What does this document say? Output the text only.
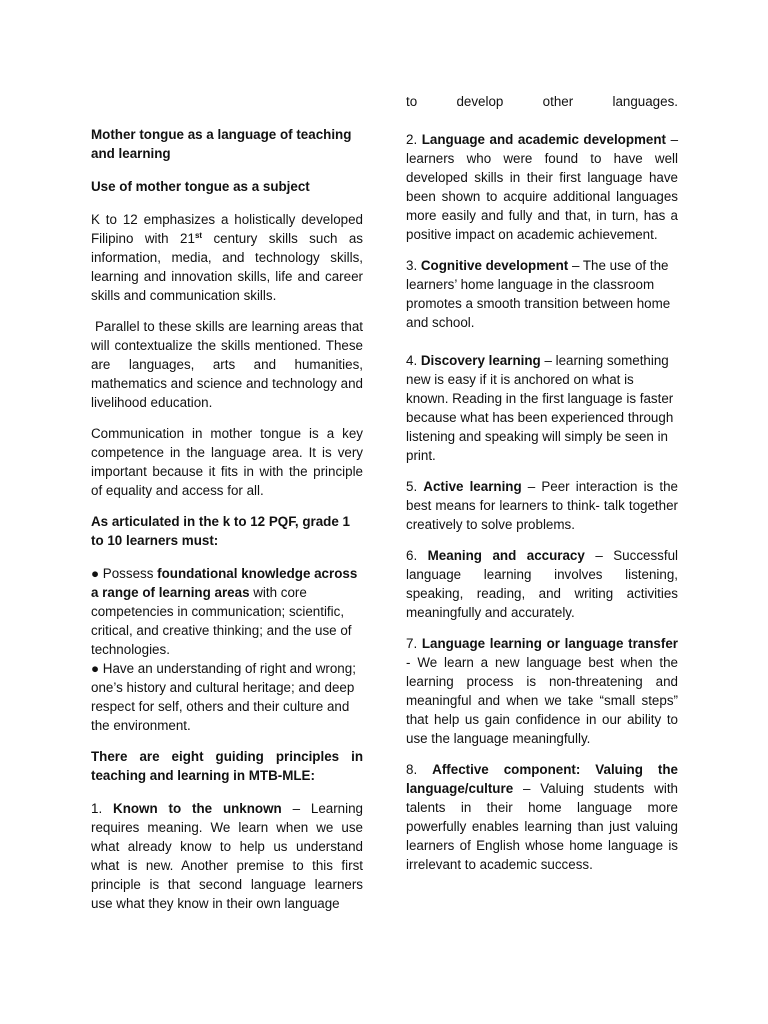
Mother tongue as a language of teaching and learning

Use of mother tongue as a subject

K to 12 emphasizes a holistically developed Filipino with 21st century skills such as information, media, and technology skills, learning and innovation skills, life and career skills and communication skills.

Parallel to these skills are learning areas that will contextualize the skills mentioned. These are languages, arts and humanities, mathematics and science and technology and livelihood education.

Communication in mother tongue is a key competence in the language area. It is very important because it fits in with the principle of equality and access for all.

As articulated in the k to 12 PQF, grade 1 to 10 learners must:

● Possess foundational knowledge across a range of learning areas with core competencies in communication; scientific, critical, and creative thinking; and the use of technologies.

● Have an understanding of right and wrong; one’s history and cultural heritage; and deep respect for self, others and their culture and the environment.

There are eight guiding principles in teaching and learning in MTB-MLE:

1. Known to the unknown – Learning requires meaning. We learn when we use what already know to help us understand what is new. Another premise to this first principle is that second language learners use what they know in their own language

to develop other languages.

2. Language and academic development – learners who were found to have well developed skills in their first language have been shown to acquire additional languages more easily and fully and that, in turn, has a positive impact on academic achievement.

3. Cognitive development – The use of the learners’ home language in the classroom promotes a smooth transition between home and school.

4. Discovery learning – learning something new is easy if it is anchored on what is known. Reading in the first language is faster because what has been experienced through listening and speaking will simply be seen in print.

5. Active learning – Peer interaction is the best means for learners to think- talk together creatively to solve problems.

6. Meaning and accuracy – Successful language learning involves listening, speaking, reading, and writing activities meaningfully and accurately.

7. Language learning or language transfer - We learn a new language best when the learning process is non-threatening and meaningful and when we take “small steps” that help us gain confidence in our ability to use the language meaningfully.

8. Affective component: Valuing the language/culture – Valuing students with talents in their home language more powerfully enables learning than just valuing learners of English whose home language is irrelevant to academic success.
